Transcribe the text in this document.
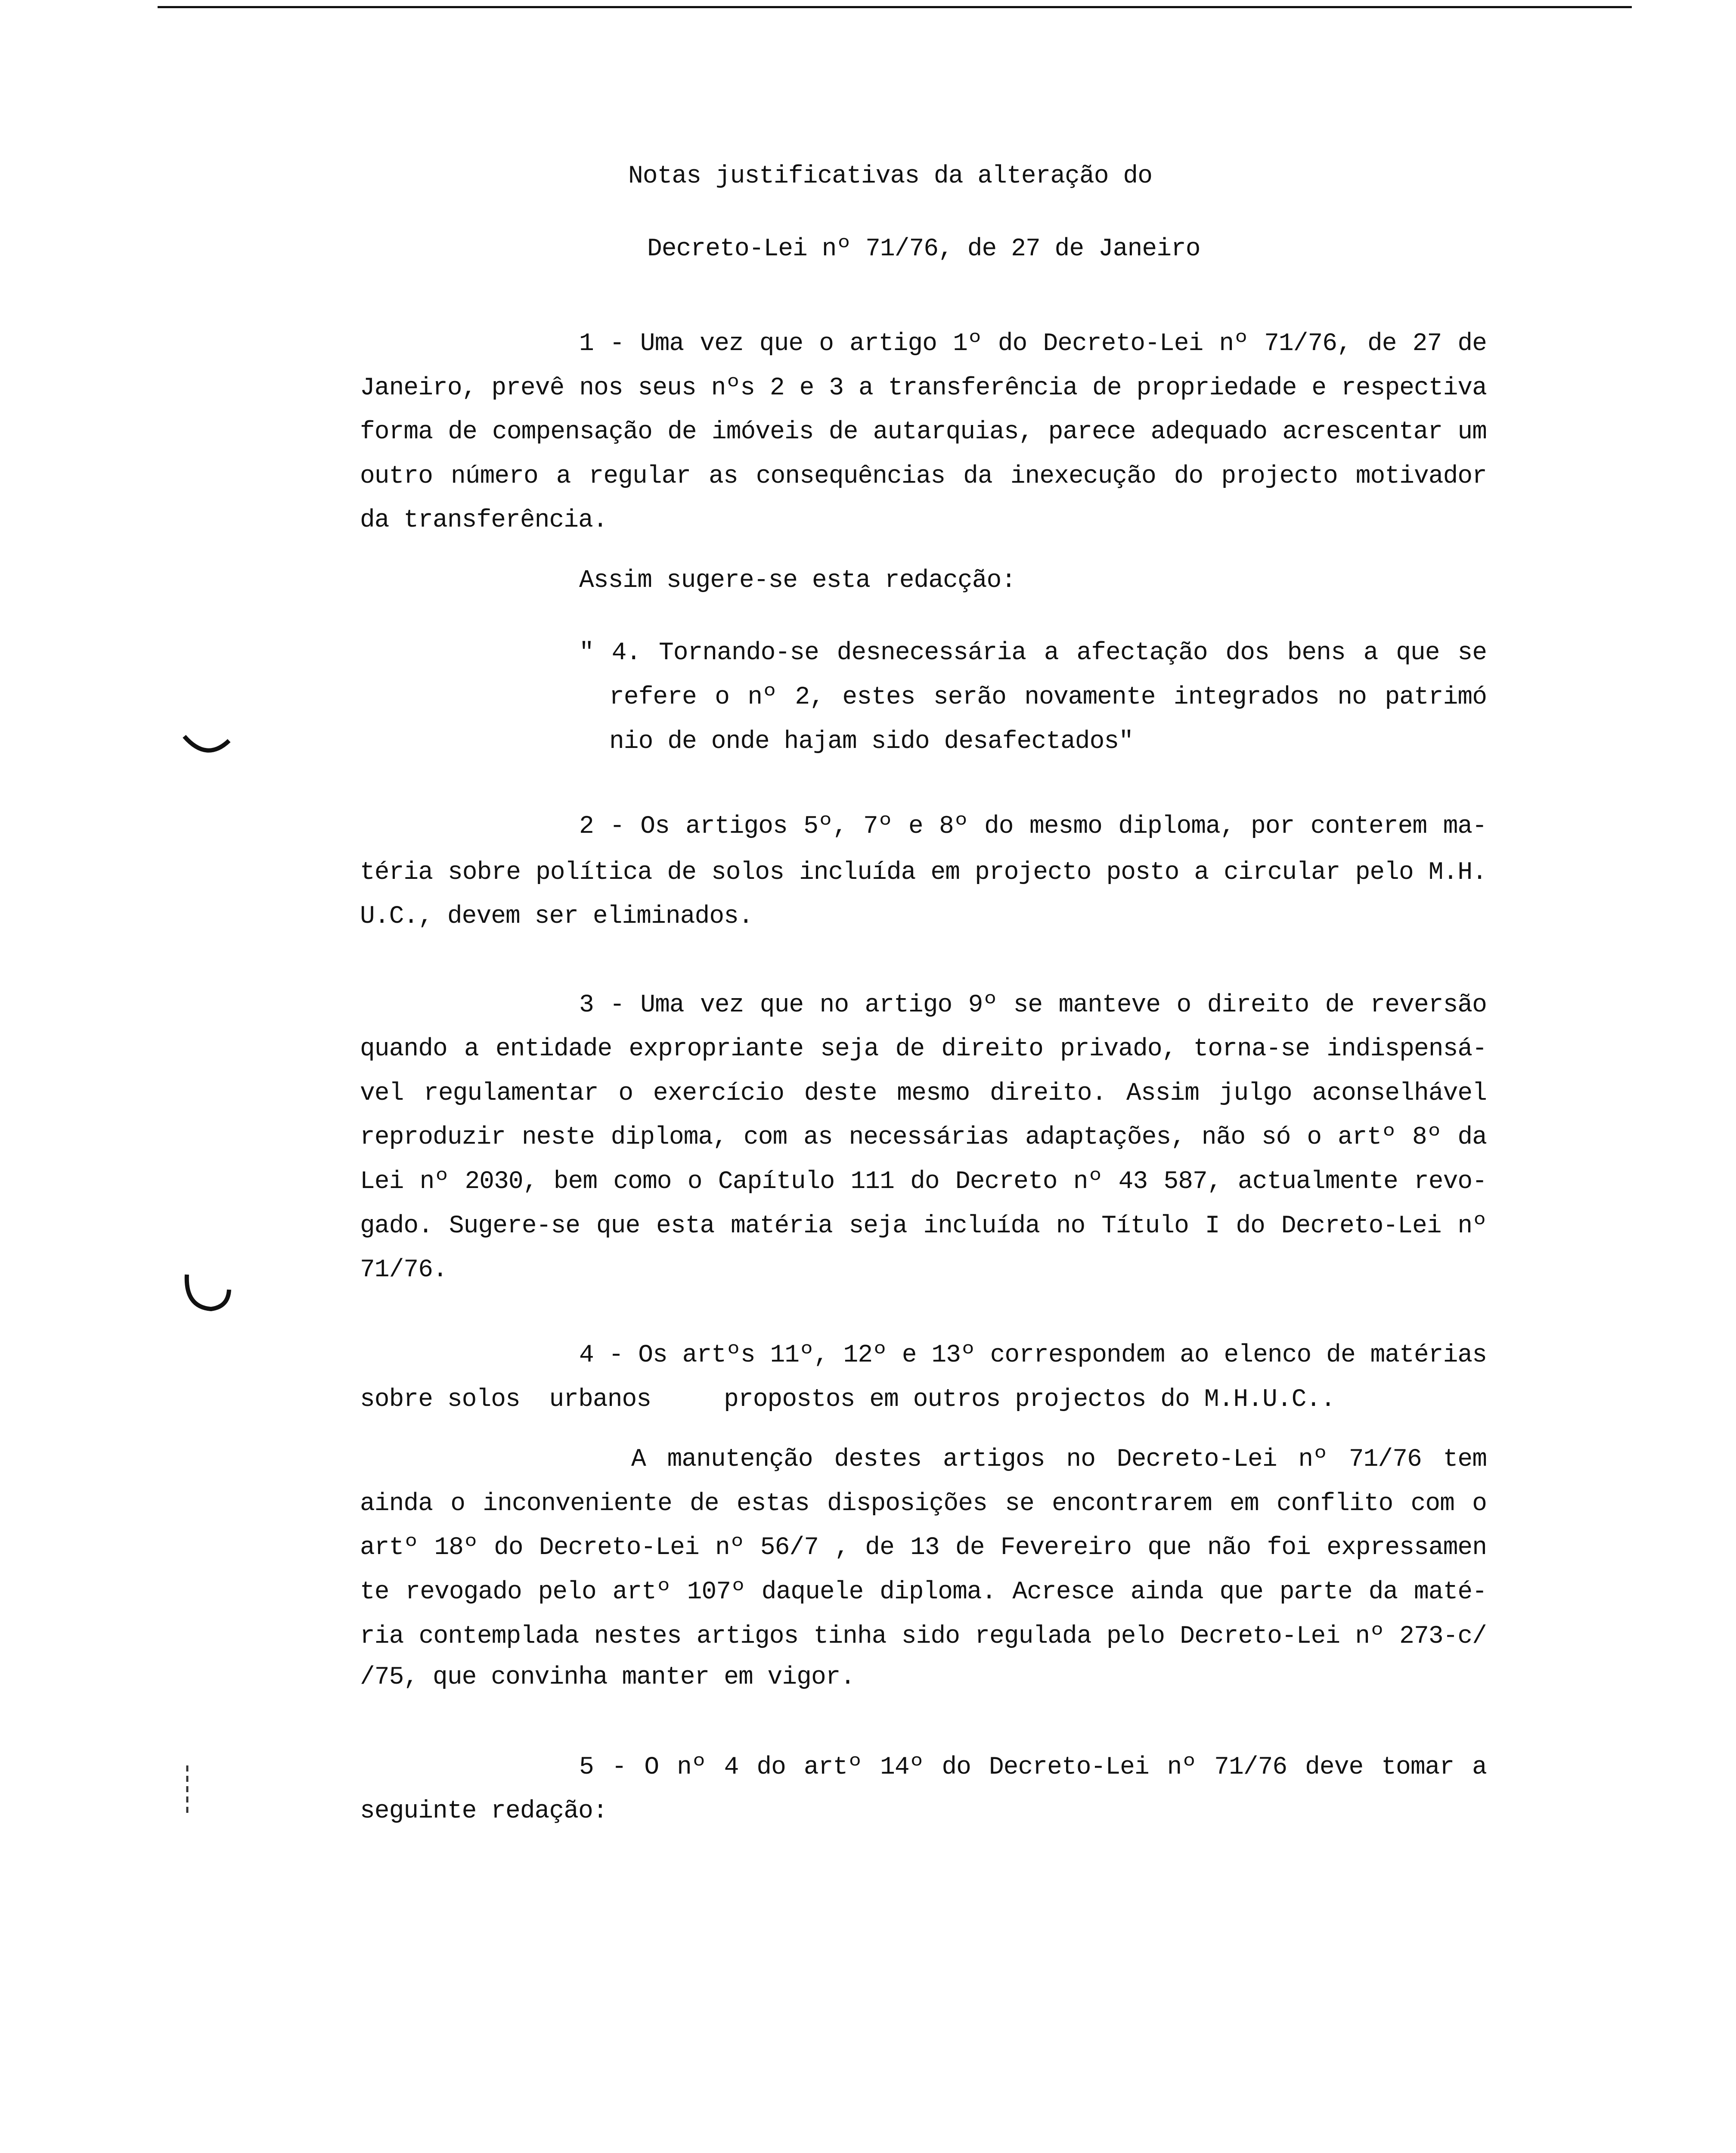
Notas justificativas da alteração do
Decreto-Lei nº 71/76, de 27 de Janeiro
1 - Uma vez que o artigo 1º do Decreto-Lei nº 71/76, de 27 de
Janeiro, prevê nos seus nºs 2 e 3 a transferência de propriedade e respectiva
forma de compensação de imóveis de autarquias, parece adequado acrescentar um
outro número a regular as consequências da inexecução do projecto motivador
da transferência.
Assim sugere-se esta redacção:
" 4. Tornando-se desnecessária a afectação dos bens a que se
refere o nº 2, estes serão novamente integrados no patrimó
nio de onde hajam sido desafectados"
2 - Os artigos 5º, 7º e 8º do mesmo diploma, por conterem ma-
téria sobre política de solos incluída em projecto posto a circular pelo M.H.
U.C., devem ser eliminados.
3 - Uma vez que no artigo 9º se manteve o direito de reversão
quando a entidade expropriante seja de direito privado, torna-se indispensá-
vel regulamentar o exercício deste mesmo direito. Assim julgo aconselhável
reproduzir neste diploma, com as necessárias adaptações, não só o artº 8º da
Lei nº 2030, bem como o Capítulo 111 do Decreto nº 43 587, actualmente revo-
gado. Sugere-se que esta matéria seja incluída no Título I do Decreto-Lei nº
71/76.
4 - Os artºs 11º, 12º e 13º correspondem ao elenco de matérias
sobre solos  urbanos     propostos em outros projectos do M.H.U.C..
A manutenção destes artigos no Decreto-Lei nº 71/76 tem
ainda o inconveniente de estas disposições se encontrarem em conflito com o
artº 18º do Decreto-Lei nº 56/7 , de 13 de Fevereiro que não foi expressamen
te revogado pelo artº 107º daquele diploma. Acresce ainda que parte da maté-
ria contemplada nestes artigos tinha sido regulada pelo Decreto-Lei nº 273-c/
/75, que convinha manter em vigor.
5 - O nº 4 do artº 14º do Decreto-Lei nº 71/76 deve tomar a
seguinte redação:
